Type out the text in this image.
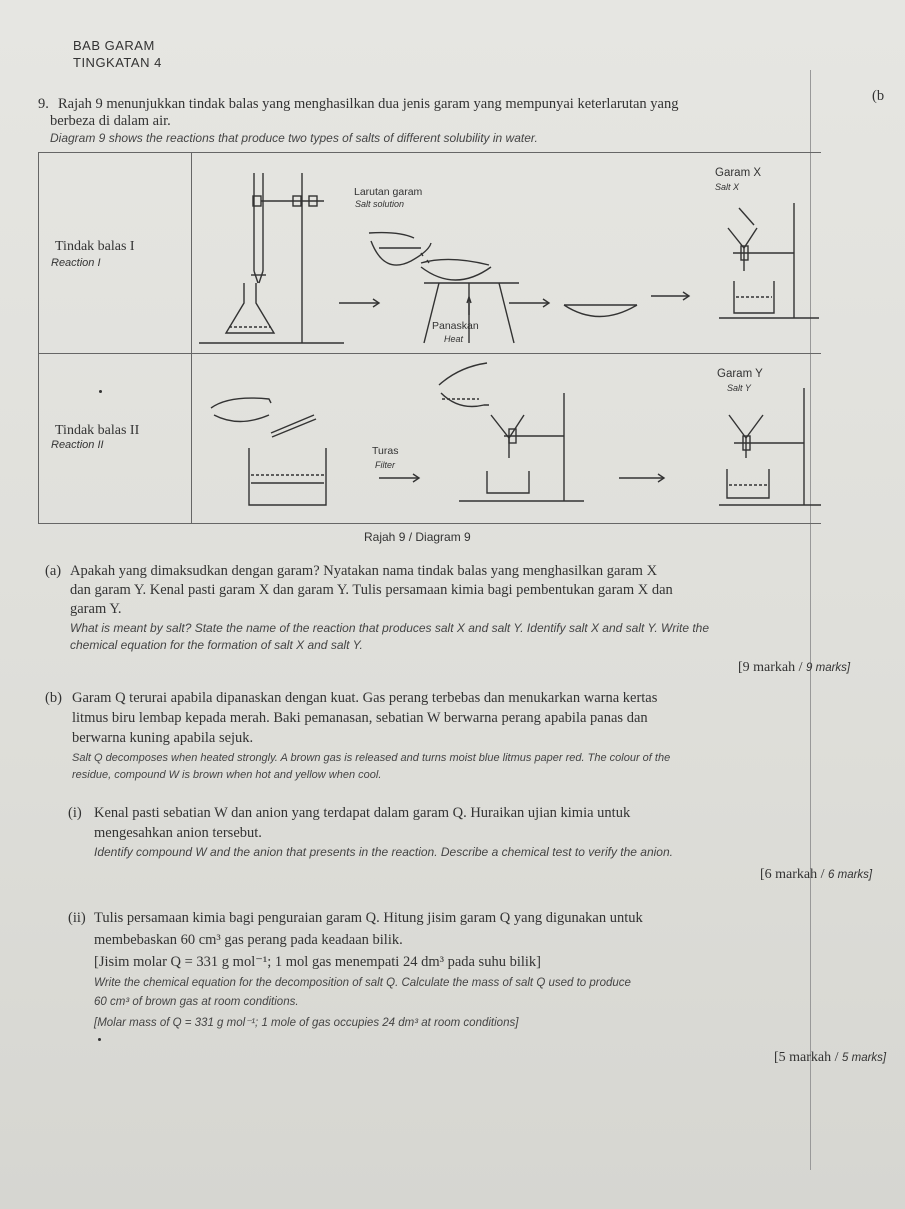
BAB GARAM
TINGKATAN 4
(b
9. Rajah 9 menunjukkan tindak balas yang menghasilkan dua jenis garam yang mempunyai keterlarutan yang
berbeza di dalam air.
Diagram 9 shows the reactions that produce two types of salts of different solubility in water.
Tindak balas I
Reaction I
Tindak balas II
Reaction II
Larutan garam
Salt solution
Panaskan
Heat
Garam X
Salt X
Garam Y
Salt Y
Turas
Filter
Rajah 9 / Diagram 9
(a) Apakah yang dimaksudkan dengan garam? Nyatakan nama tindak balas yang menghasilkan garam X
dan garam Y. Kenal pasti garam X dan garam Y. Tulis persamaan kimia bagi pembentukan garam X dan
garam Y.
What is meant by salt? State the name of the reaction that produces salt X and salt Y. Identify salt X and salt Y. Write the
chemical equation for the formation of salt X and salt Y.
[9 markah / 9 marks]
(b) Garam Q terurai apabila dipanaskan dengan kuat. Gas perang terbebas dan menukarkan warna kertas
litmus biru lembap kepada merah. Baki pemanasan, sebatian W berwarna perang apabila panas dan
berwarna kuning apabila sejuk.
Salt Q decomposes when heated strongly. A brown gas is released and turns moist blue litmus paper red. The colour of the
residue, compound W is brown when hot and yellow when cool.
(i) Kenal pasti sebatian W dan anion yang terdapat dalam garam Q. Huraikan ujian kimia untuk
mengesahkan anion tersebut.
Identify compound W and the anion that presents in the reaction. Describe a chemical test to verify the anion.
[6 markah / 6 marks]
(ii) Tulis persamaan kimia bagi penguraian garam Q. Hitung jisim garam Q yang digunakan untuk
membebaskan 60 cm³ gas perang pada keadaan bilik.
[Jisim molar Q = 331 g mol⁻¹; 1 mol gas menempati 24 dm³ pada suhu bilik]
Write the chemical equation for the decomposition of salt Q. Calculate the mass of salt Q used to produce
60 cm³ of brown gas at room conditions.
[Molar mass of Q = 331 g mol⁻¹; 1 mole of gas occupies 24 dm³ at room conditions]
[5 markah / 5 marks]
